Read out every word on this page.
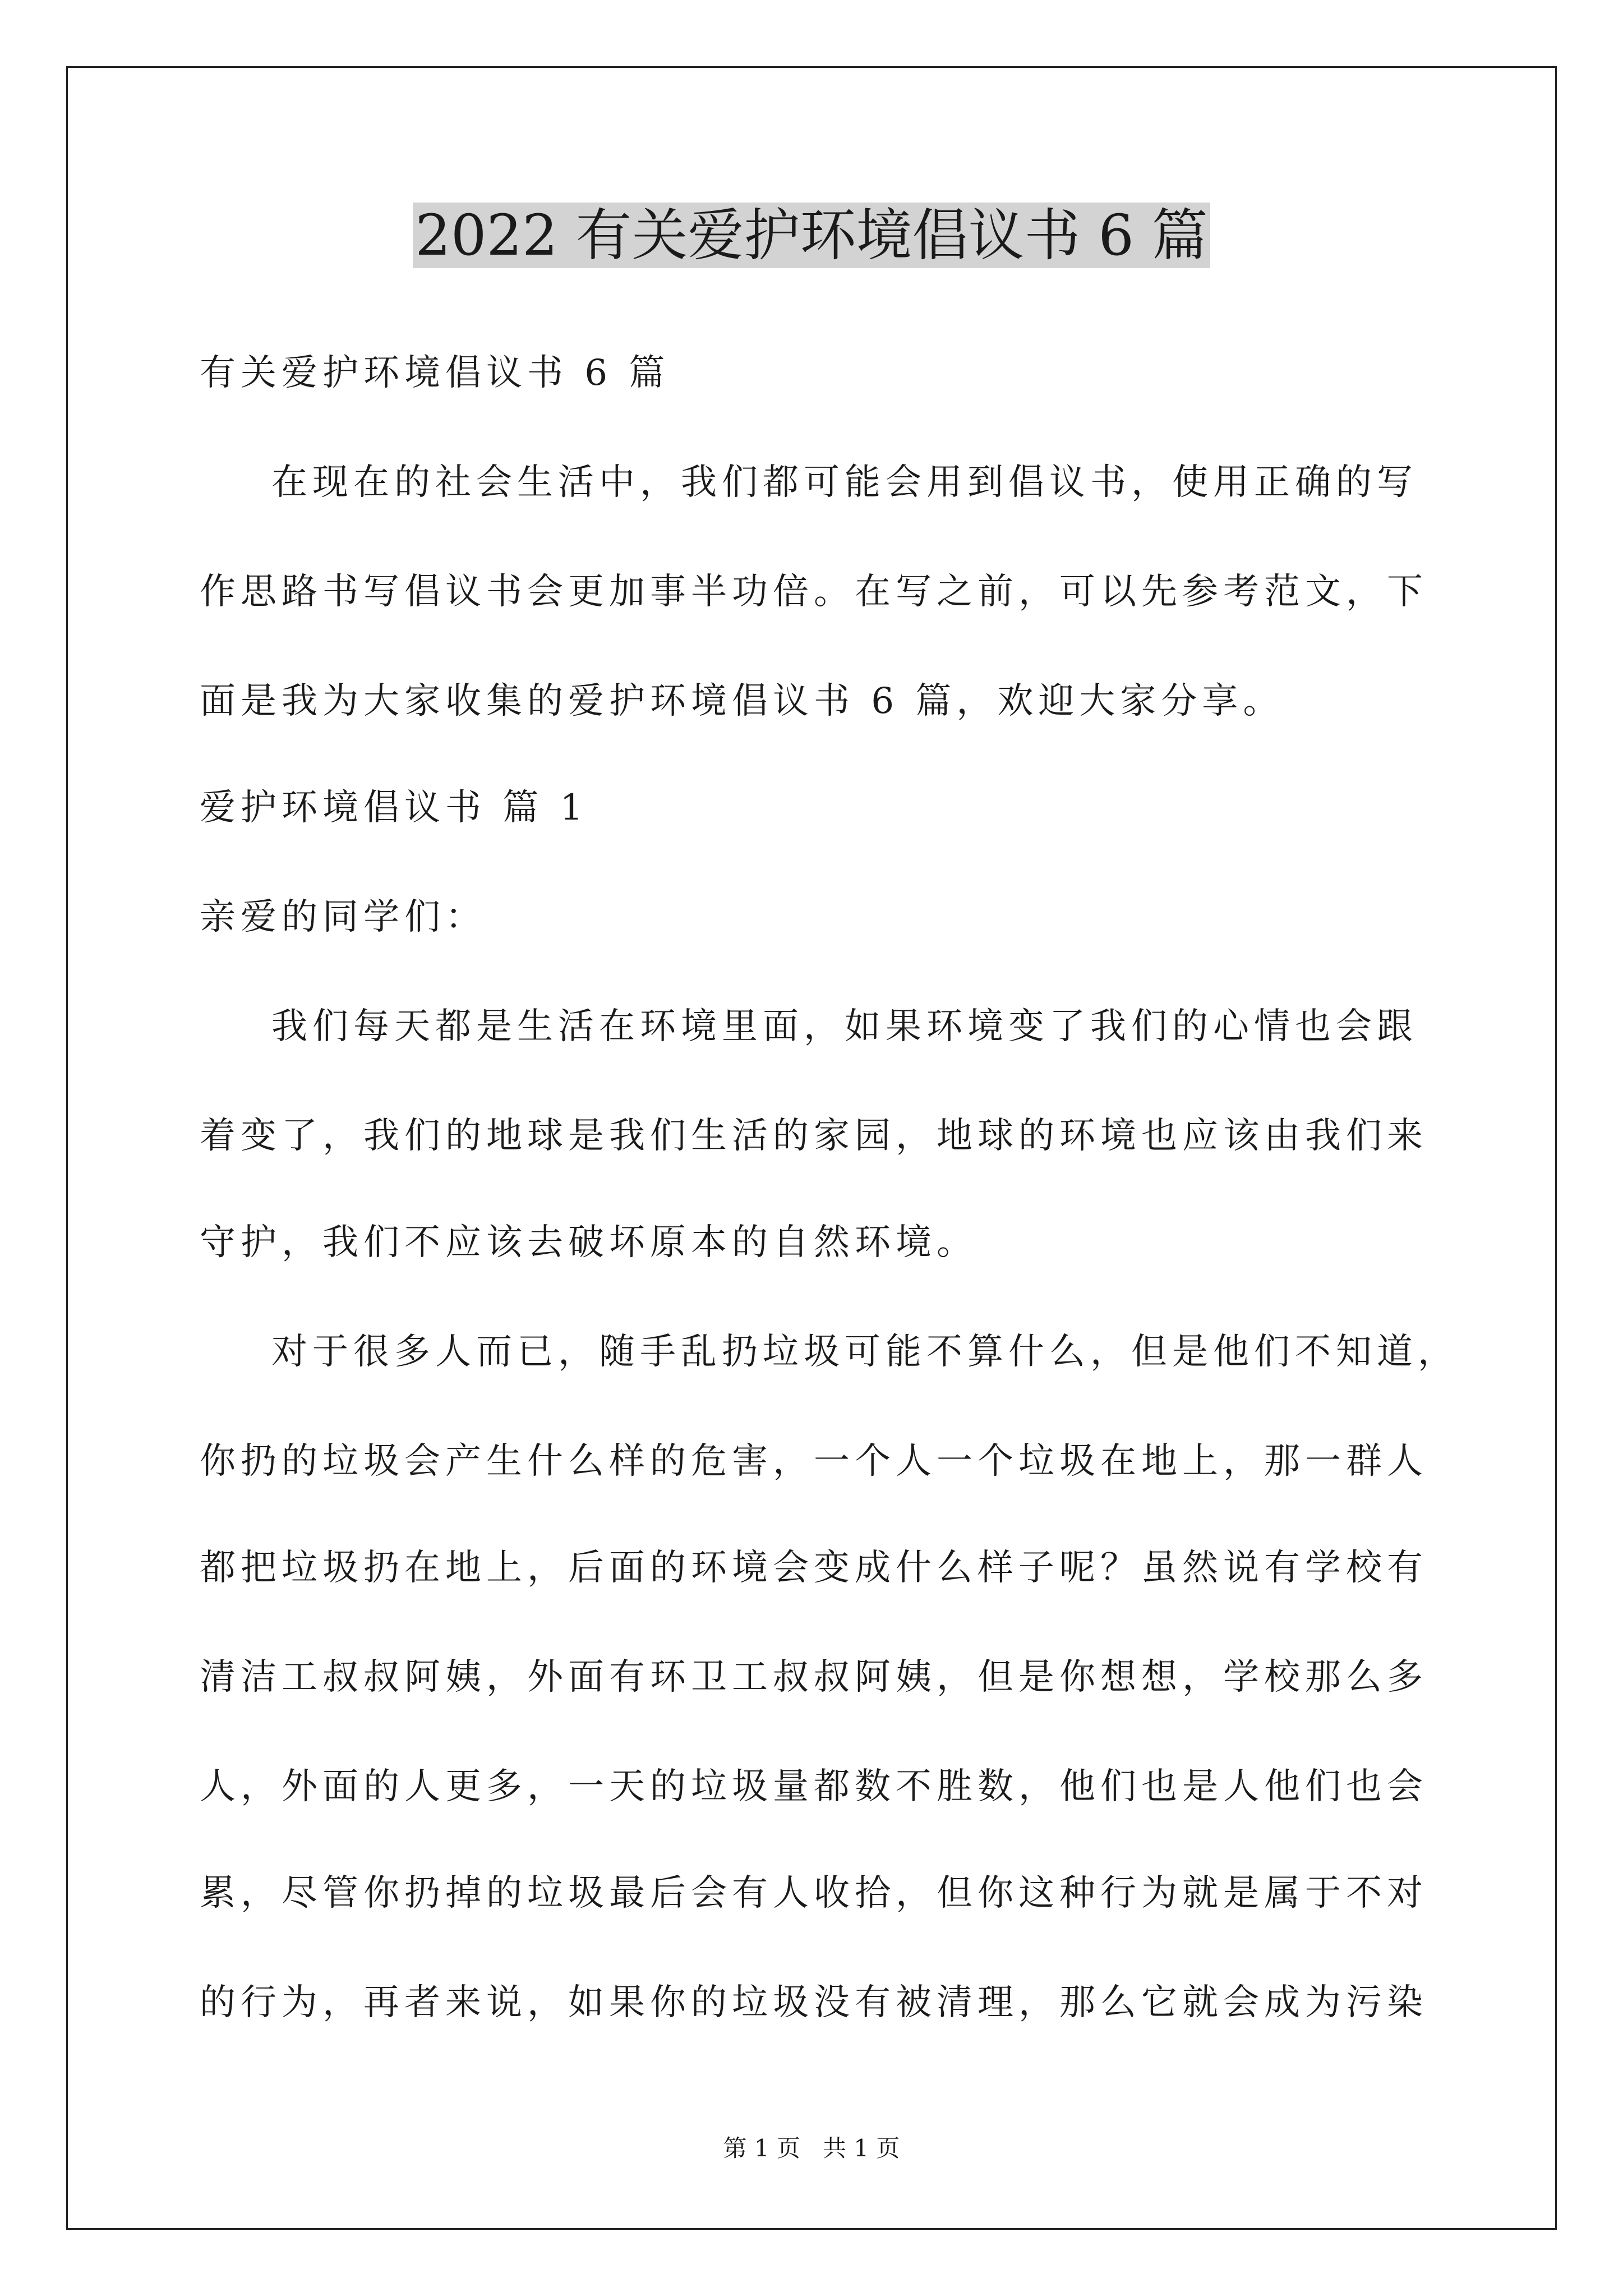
2022 有关爱护环境倡议书 6 篇

有关爱护环境倡议书 6 篇

在现在的社会生活中，我们都可能会用到倡议书，使用正确的写

作思路书写倡议书会更加事半功倍。在写之前，可以先参考范文，下

面是我为大家收集的爱护环境倡议书 6 篇，欢迎大家分享。

爱护环境倡议书 篇 1

亲爱的同学们：

我们每天都是生活在环境里面，如果环境变了我们的心情也会跟

着变了，我们的地球是我们生活的家园，地球的环境也应该由我们来

守护，我们不应该去破坏原本的自然环境。

对于很多人而已，随手乱扔垃圾可能不算什么，但是他们不知道，

你扔的垃圾会产生什么样的危害，一个人一个垃圾在地上，那一群人

都把垃圾扔在地上，后面的环境会变成什么样子呢？虽然说有学校有

清洁工叔叔阿姨，外面有环卫工叔叔阿姨，但是你想想，学校那么多

人，外面的人更多，一天的垃圾量都数不胜数，他们也是人他们也会

累，尽管你扔掉的垃圾最后会有人收拾，但你这种行为就是属于不对

的行为，再者来说，如果你的垃圾没有被清理，那么它就会成为污染

第 1 页 共 1 页
